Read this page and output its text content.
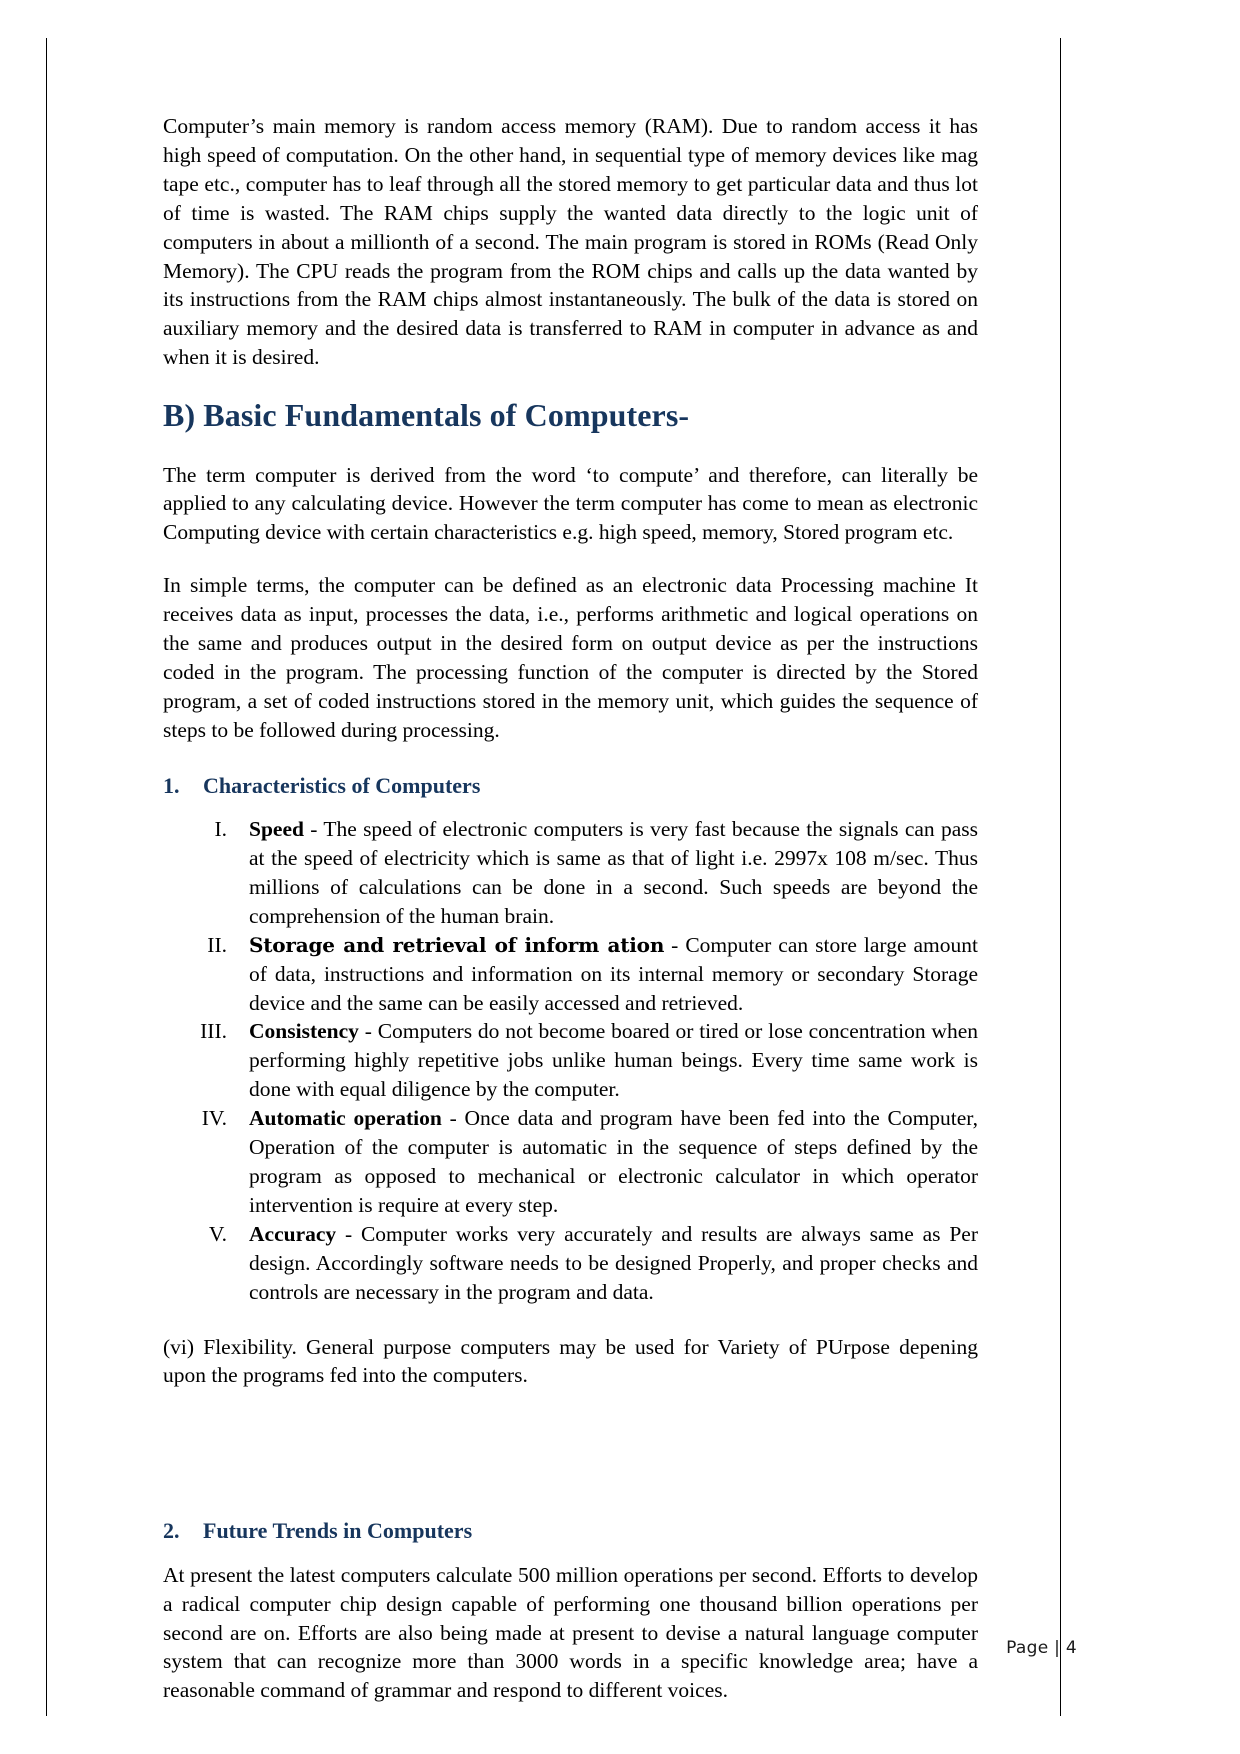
Computer’s main memory is random access memory (RAM). Due to random access it has high speed of computation. On the other hand, in sequential type of memory devices like mag tape etc., computer has to leaf through all the stored memory to get particular data and thus lot of time is wasted. The RAM chips supply the wanted data directly to the logic unit of computers in about a millionth of a second. The main program is stored in ROMs (Read Only Memory). The CPU reads the program from the ROM chips and calls up the data wanted by its instructions from the RAM chips almost instantaneously. The bulk of the data is stored on auxiliary memory and the desired data is transferred to RAM in computer in advance as and when it is desired.

B) Basic Fundamentals of Computers-

The term computer is derived from the word ‘to compute’ and therefore, can literally be applied to any calculating device. However the term computer has come to mean as electronic Computing device with certain characteristics e.g. high speed, memory, Stored program etc.

In simple terms, the computer can be defined as an electronic data Processing machine It receives data as input, processes the data, i.e., performs arithmetic and logical operations on the same and produces output in the desired form on output device as per the instructions coded in the program. The processing function of the computer is directed by the Stored program, a set of coded instructions stored in the memory unit, which guides the sequence of steps to be followed during processing.

1.	Characteristics of Computers
I.	Speed - The speed of electronic computers is very fast because the signals can pass at the speed of electricity which is same as that of light i.e. 2997x 108 m/sec. Thus millions of calculations can be done in a second. Such speeds are beyond the comprehension of the human brain.
II.	Storage and retrieval of inform ation - Computer can store large amount of data, instructions and information on its internal memory or secondary Storage device and the same can be easily accessed and retrieved.
III.	Consistency - Computers do not become boared or tired or lose concentration when performing highly repetitive jobs unlike human beings. Every time same work is done with equal diligence by the computer.
IV.	Automatic operation - Once data and program have been fed into the Computer, Operation of the computer is automatic in the sequence of steps defined by the program as opposed to mechanical or electronic calculator in which operator intervention is require at every step.
V.	Accuracy - Computer works very accurately and results are always same as Per design. Accordingly software needs to be designed Properly, and proper checks and controls are necessary in the program and data.

(vi) Flexibility. General purpose computers may be used for Variety of PUrpose depening upon the programs fed into the computers.

2.	Future Trends in Computers

At present the latest computers calculate 500 million operations per second. Efforts to develop a radical computer chip design capable of performing one thousand billion operations per second are on. Efforts are also being made at present to devise a natural language computer system that can recognize more than 3000 words in a specific knowledge area; have a reasonable command of grammar and respond to different voices.

Page | 4
